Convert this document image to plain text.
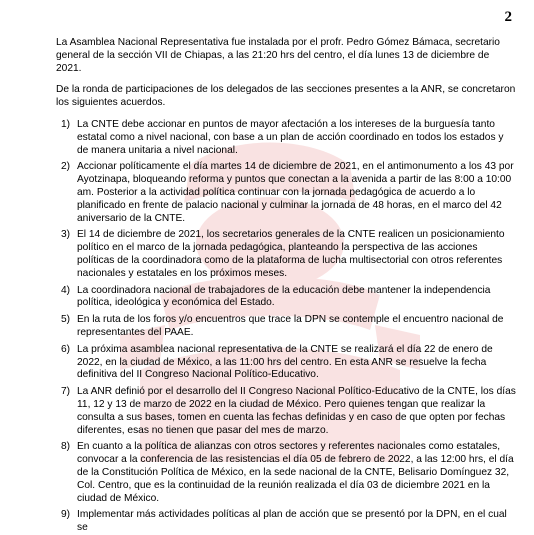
2

La Asamblea Nacional Representativa fue instalada por el profr. Pedro Gómez Bámaca, secretario general de la sección VII de Chiapas, a las 21:20 hrs del centro, el día lunes 13 de diciembre de 2021.

De la ronda de participaciones de los delegados de las secciones presentes a la ANR, se concretaron los siguientes acuerdos.

1) La CNTE debe accionar en puntos de mayor afectación a los intereses de la burguesía tanto estatal como a nivel nacional, con base a un plan de acción coordinado en todos los estados y de manera unitaria a nivel nacional.
2) Accionar políticamente el día martes 14 de diciembre de 2021, en el antimonumento a los 43 por Ayotzinapa, bloqueando reforma y puntos que conectan a la avenida a partir de las 8:00 a 10:00 am. Posterior a la actividad política continuar con la jornada pedagógica de acuerdo a lo planificado en frente de palacio nacional y culminar la jornada de 48 horas, en el marco del 42 aniversario de la CNTE.
3) El 14 de diciembre de 2021, los secretarios generales de la CNTE realicen un posicionamiento político en el marco de la jornada pedagógica, planteando la perspectiva de las acciones políticas de la coordinadora como de la plataforma de lucha multisectorial con otros referentes nacionales y estatales en los próximos meses.
4) La coordinadora nacional de trabajadores de la educación debe mantener la independencia política, ideológica y económica del Estado.
5) En la ruta de los foros y/o encuentros que trace la DPN se contemple el encuentro nacional de representantes del PAAE.
6) La próxima asamblea nacional representativa de la CNTE se realizará el día 22 de enero de 2022, en la ciudad de México, a las 11:00 hrs del centro. En esta ANR se resuelve la fecha definitiva del II Congreso Nacional Político-Educativo.
7) La ANR definió por el desarrollo del II Congreso Nacional Político-Educativo de la CNTE, los días 11, 12 y 13 de marzo de 2022 en la ciudad de México. Pero quienes tengan que realizar la consulta a sus bases, tomen en cuenta las fechas definidas y en caso de que opten por fechas diferentes, esas no tienen que pasar del mes de marzo.
8) En cuanto a la política de alianzas con otros sectores y referentes nacionales como estatales, convocar a la conferencia de las resistencias el día 05 de febrero de 2022, a las 12:00 hrs, el día de la Constitución Política de México, en la sede nacional de la CNTE, Belisario Domínguez 32, Col. Centro, que es la continuidad de la reunión realizada el día 03 de diciembre 2021 en la ciudad de México.
9) Implementar más actividades políticas al plan de acción que se presentó por la DPN, en el cual se
